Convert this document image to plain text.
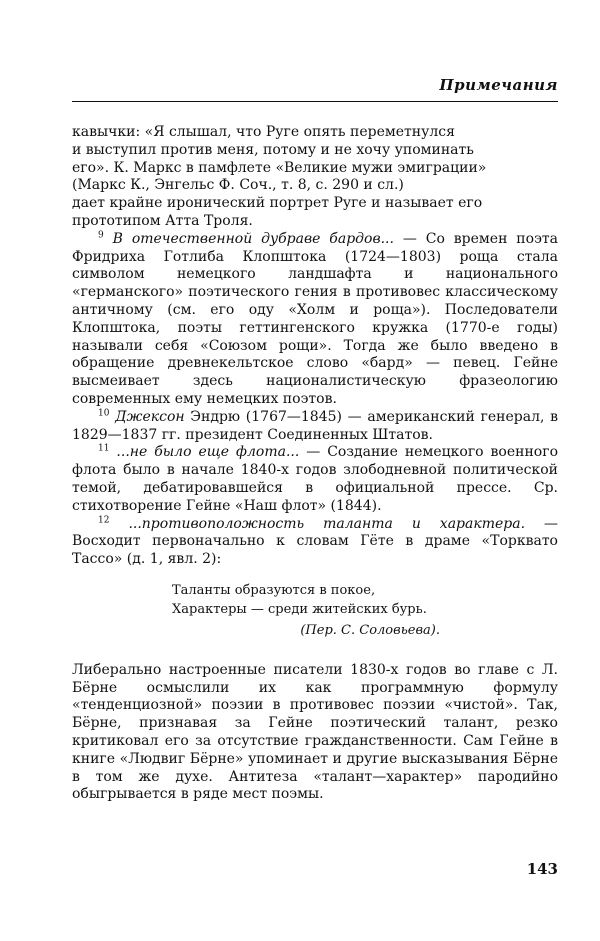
Примечания

кавычки: «Я слышал, что Руге опять переметнулся
и выступил против меня, потому и не хочу упоминать
его». К. Маркс в памфлете «Великие мужи эмиграции»
(Маркс К., Энгельс Ф. Соч., т. 8, с. 290 и сл.)
дает крайне иронический портрет Руге и называет его
прототипом Атта Троля.

$^9$ В отечественной дубраве бардов... — Со времен поэта Фридриха Готлиба Клопштока (1724—1803) роща стала символом немецкого ландшафта и национального «германского» поэтического гения в противовес классическому античному (см. его оду «Холм и роща»). Последователи Клопштока, поэты геттингенского кружка (1770-е годы) называли себя «Союзом рощи». Тогда же было введено в обращение древнекельтское слово «бард» — певец. Гейне высмеивает здесь националистическую фразеологию современных ему немецких поэтов.

$^{10}$ Джексон Эндрю (1767—1845) — американский генерал, в 1829—1837 гг. президент Соединенных Штатов.

$^{11}$ ...не было еще флота... — Создание немецкого военного флота было в начале 1840-х годов злободневной политической темой, дебатировавшейся в официальной прессе. Ср. стихотворение Гейне «Наш флот» (1844).

$^{12}$ ...противоположность таланта и характера. — Восходит первоначально к словам Гёте в драме «Торквато Тассо» (д. 1, явл. 2):

Таланты образуются в покое,
Характеры — среди житейских бурь.
(Пер. С. Соловьева).

Либерально настроенные писатели 1830-х годов во главе с Л. Бёрне осмыслили их как программную формулу «тенденциозной» поэзии в противовес поэзии «чистой». Так, Бёрне, признавая за Гейне поэтический талант, резко критиковал его за отсутствие гражданственности. Сам Гейне в книге «Людвиг Бёрне» упоминает и другие высказывания Бёрне в том же духе. Антитеза «талант—характер» пародийно обыгрывается в ряде мест поэмы.

143
